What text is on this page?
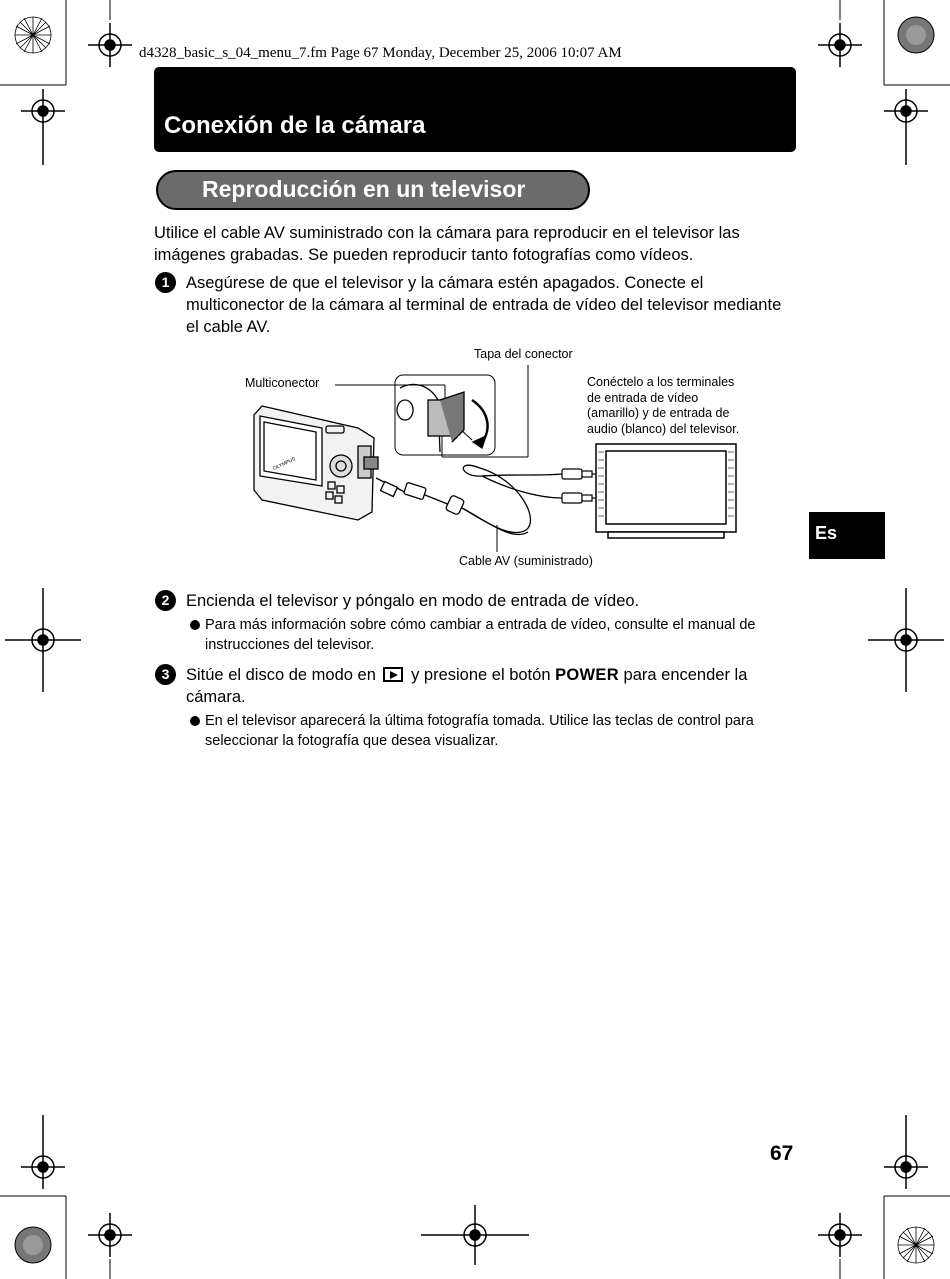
d4328_basic_s_04_menu_7.fm Page 67 Monday, December 25, 2006 10:07 AM
Conexión de la cámara
Reproducción en un televisor
Utilice el cable AV suministrado con la cámara para reproducir en el televisor las imágenes grabadas. Se pueden reproducir tanto fotografías como vídeos.
1	Asegúrese de que el televisor y la cámara estén apagados. Conecte el multiconector de la cámara al terminal de entrada de vídeo del televisor mediante el cable AV.
OLYMPUS
Tapa del conector
Multiconector	Conéctelo a los terminales
de entrada de vídeo
(amarillo) y de entrada de
audio (blanco) del televisor.
Cable AV (suministrado)
Es
2	Encienda el televisor y póngalo en modo de entrada de vídeo.
Para más información sobre cómo cambiar a entrada de vídeo, consulte el manual de instrucciones del televisor.
3	Sitúe el disco de modo en y presione el botón POWER para encender la cámara.
En el televisor aparecerá la última fotografía tomada. Utilice las teclas de control para seleccionar la fotografía que desea visualizar.
67
